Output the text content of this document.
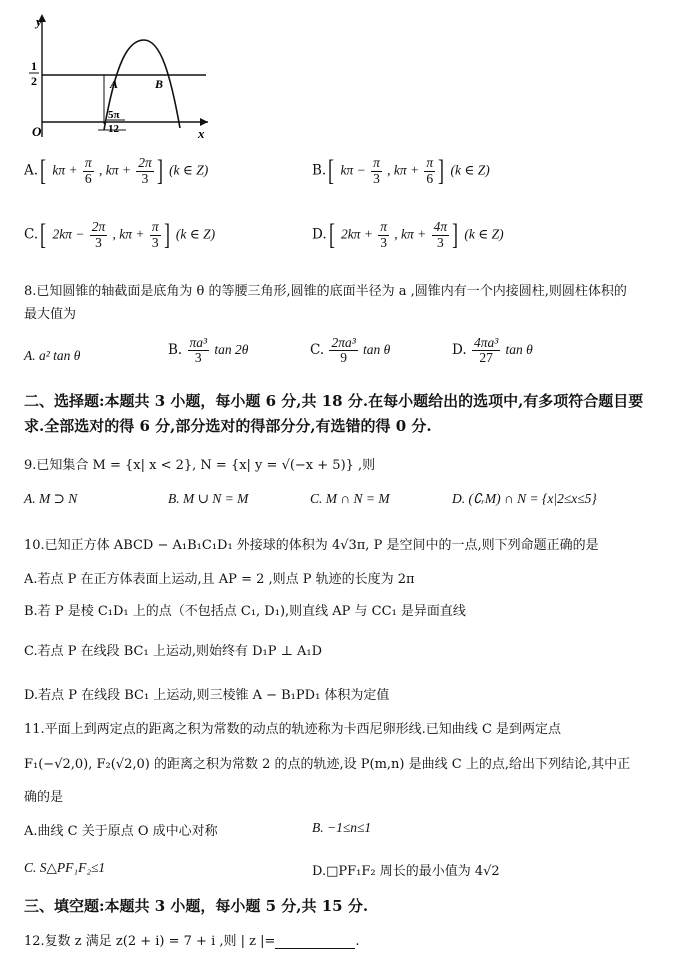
y
x
O
1
2	A	B
5π
12
A.[ $k\pi + \frac{\pi}{6}$ , $k\pi + \frac{2\pi}{3}$ ] (k ∈ Z)	B.[ $k\pi - \frac{\pi}{3}$ , $k\pi + \frac{\pi}{6}$ ] (k ∈ Z)
C.[ $2k\pi - \frac{2\pi}{3}$ , $k\pi + \frac{\pi}{3}$ ] (k ∈ Z)	D.[ $2k\pi + \frac{\pi}{3}$ , $k\pi + \frac{4\pi}{3}$ ] (k ∈ Z)
8.已知圆锥的轴截面是底角为 θ 的等腰三角形,圆锥的底面半径为 a ,圆锥内有一个内接圆柱,则圆柱体积的
最大值为
A. a² tan θ	B. $\frac{\text{πa³}}{3}$ tan 2θ	C. $\frac{\text{2πa³}}{9}$ tan θ	D. $\frac{\text{4πa³}}{27}$ tan θ
二、选择题:本题共 3 小题，每小题 6 分,共 18 分.在每小题给出的选项中,有多项符合题目要
求.全部选对的得 6 分,部分选对的得部分分,有选错的得 0 分.
9.已知集合 M = {x| x < 2}, N = {x| y = √(−x + 5)} ,则
A. M ⊃ N	B. M ∪ N = M	C. M ∩ N = M	D. (∁ᵣM) ∩ N = {x|2≤x≤5}
10.已知正方体 ABCD − A₁B₁C₁D₁ 外接球的体积为 4√3π, P 是空间中的一点,则下列命题正确的是
A.若点 P 在正方体表面上运动,且 AP = 2 ,则点 P 轨迹的长度为 2π
B.若 P 是棱 C₁D₁ 上的点（不包括点 C₁, D₁),则直线 AP 与 CC₁ 是异面直线
C.若点 P 在线段 BC₁ 上运动,则始终有 D₁P ⊥ A₁D
D.若点 P 在线段 BC₁ 上运动,则三棱锥 A − B₁PD₁ 体积为定值
11.平面上到两定点的距离之积为常数的动点的轨迹称为卡西尼卵形线.已知曲线 C 是到两定点
F₁(−√2,0), F₂(√2,0) 的距离之积为常数 2 的点的轨迹,设 P(m,n) 是曲线 C 上的点,给出下列结论,其中正
确的是
A.曲线 C 关于原点 O 成中心对称	B. −1≤n≤1
C. S△PF₁F₂≤1	D.□PF₁F₂ 周长的最小值为 4√2
三、填空题:本题共 3 小题，每小题 5 分,共 15 分.
12.复数 z 满足 z(2 + i) = 7 + i ,则 | z |=	.
